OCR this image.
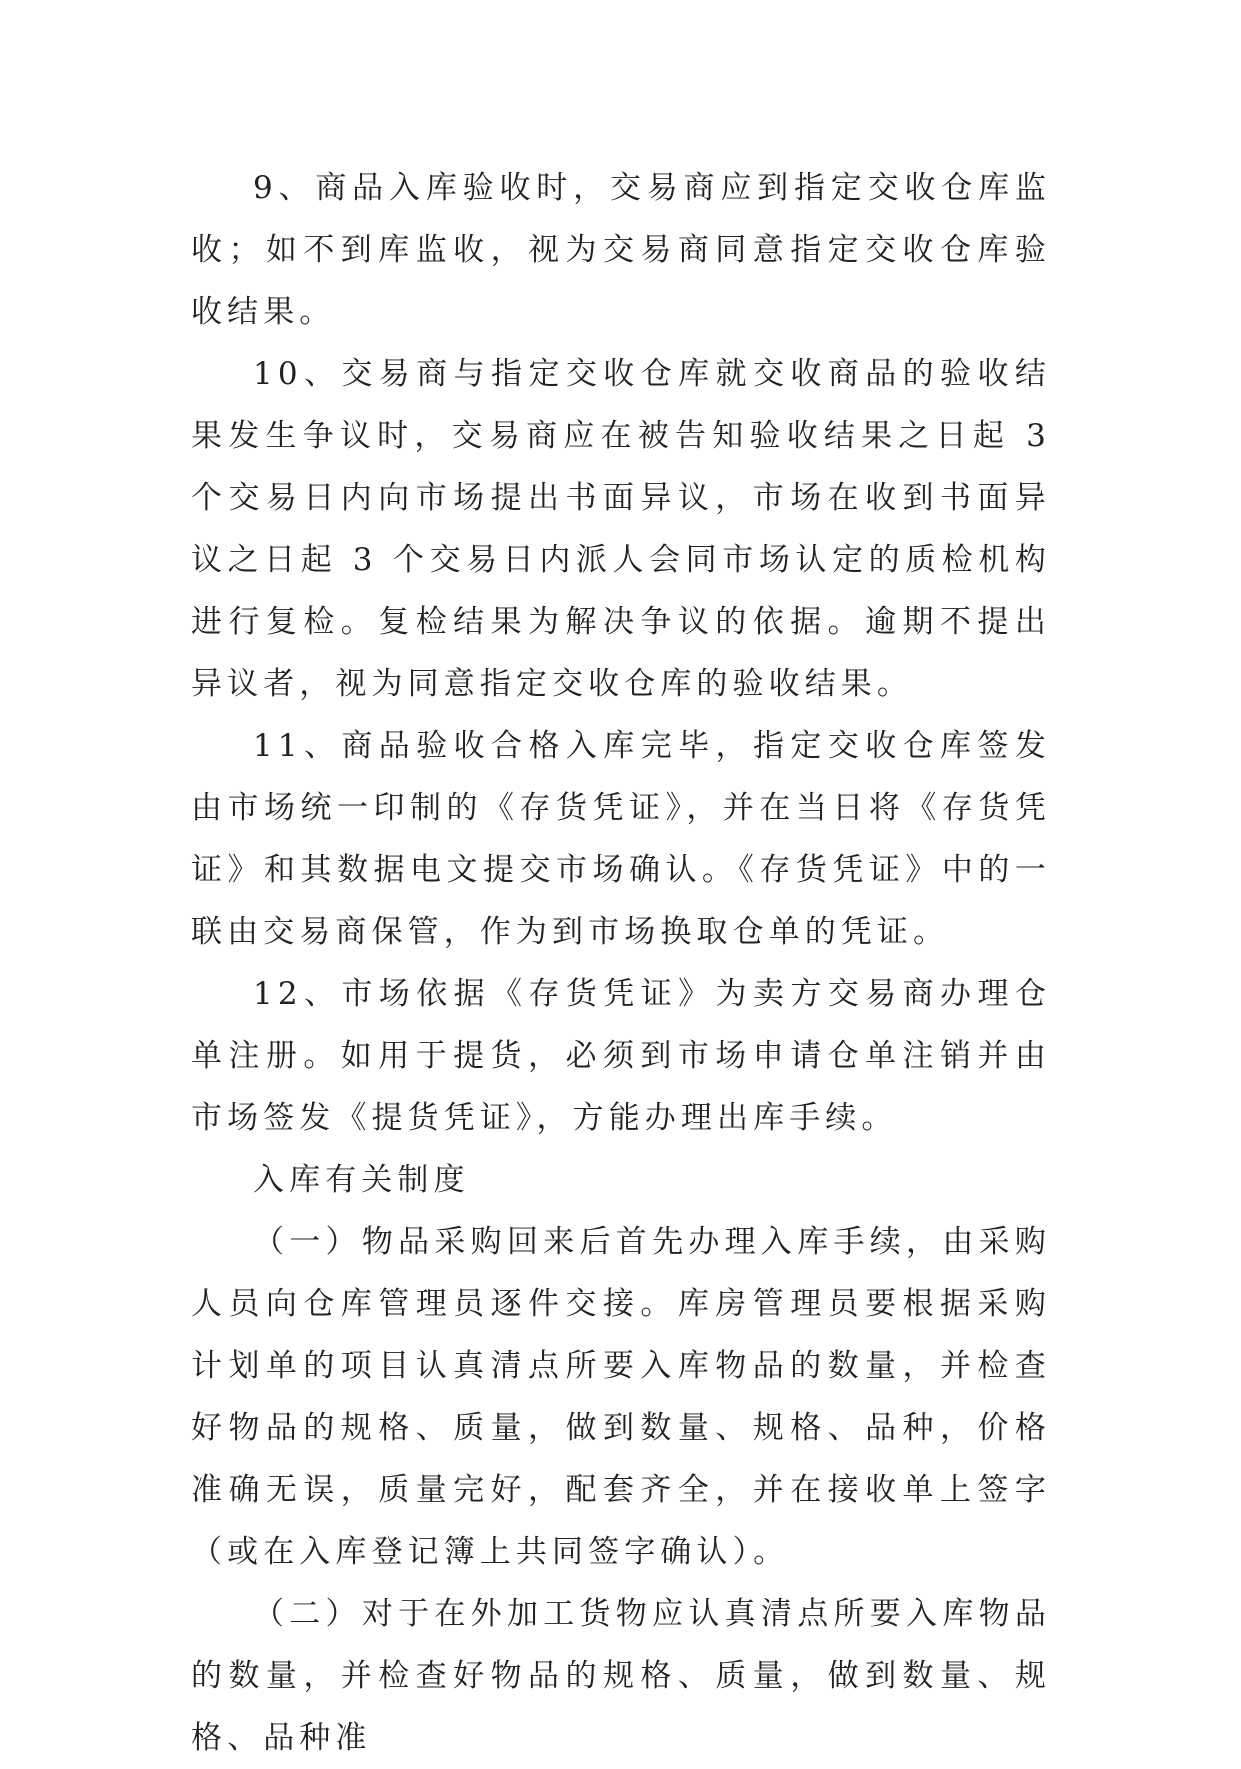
9、商品入库验收时，交易商应到指定交收仓库监收；如不到库监收，视为交易商同意指定交收仓库验收结果。

10、交易商与指定交收仓库就交收商品的验收结果发生争议时，交易商应在被告知验收结果之日起 3 个交易日内向市场提出书面异议，市场在收到书面异议之日起 3 个交易日内派人会同市场认定的质检机构进行复检。复检结果为解决争议的依据。逾期不提出异议者，视为同意指定交收仓库的验收结果。

11、商品验收合格入库完毕，指定交收仓库签发由市场统一印制的《存货凭证》，并在当日将《存货凭证》和其数据电文提交市场确认。《存货凭证》中的一联由交易商保管，作为到市场换取仓单的凭证。

12、市场依据《存货凭证》为卖方交易商办理仓单注册。如用于提货，必须到市场申请仓单注销并由市场签发《提货凭证》，方能办理出库手续。

入库有关制度

（一）物品采购回来后首先办理入库手续，由采购人员向仓库管理员逐件交接。库房管理员要根据采购计划单的项目认真清点所要入库物品的数量，并检查好物品的规格、质量，做到数量、规格、品种，价格准确无误，质量完好，配套齐全，并在接收单上签字（或在入库登记簿上共同签字确认）。

（二）对于在外加工货物应认真清点所要入库物品的数量，并检查好物品的规格、质量，做到数量、规格、品种准
